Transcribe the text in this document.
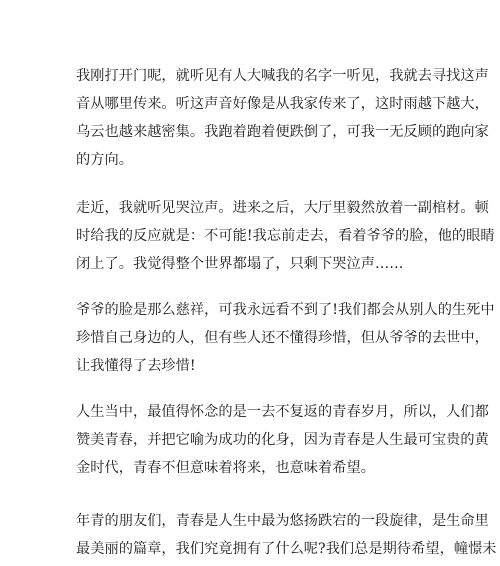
我刚打开门呢，就听见有人大喊我的名字一听见，我就去寻找这声
音从哪里传来。听这声音好像是从我家传来了，这时雨越下越大，
乌云也越来越密集。我跑着跑着便跌倒了，可我一无反顾的跑向家
的方向。

走近，我就听见哭泣声。进来之后，大厅里毅然放着一副棺材。顿
时给我的反应就是：不可能!我忘前走去，看着爷爷的脸，他的眼睛
闭上了。我觉得整个世界都塌了，只剩下哭泣声……

爷爷的脸是那么慈祥，可我永远看不到了!我们都会从别人的生死中
珍惜自己身边的人，但有些人还不懂得珍惜，但从爷爷的去世中，
让我懂得了去珍惜!

人生当中，最值得怀念的是一去不复返的青春岁月，所以，人们都
赞美青春，并把它喻为成功的化身，因为青春是人生最可宝贵的黄
金时代，青春不但意味着将来，也意味着希望。

年青的朋友们，青春是人生中最为悠扬跌宕的一段旋律，是生命里
最美丽的篇章，我们究竟拥有了什么呢?我们总是期待希望，幢憬未
